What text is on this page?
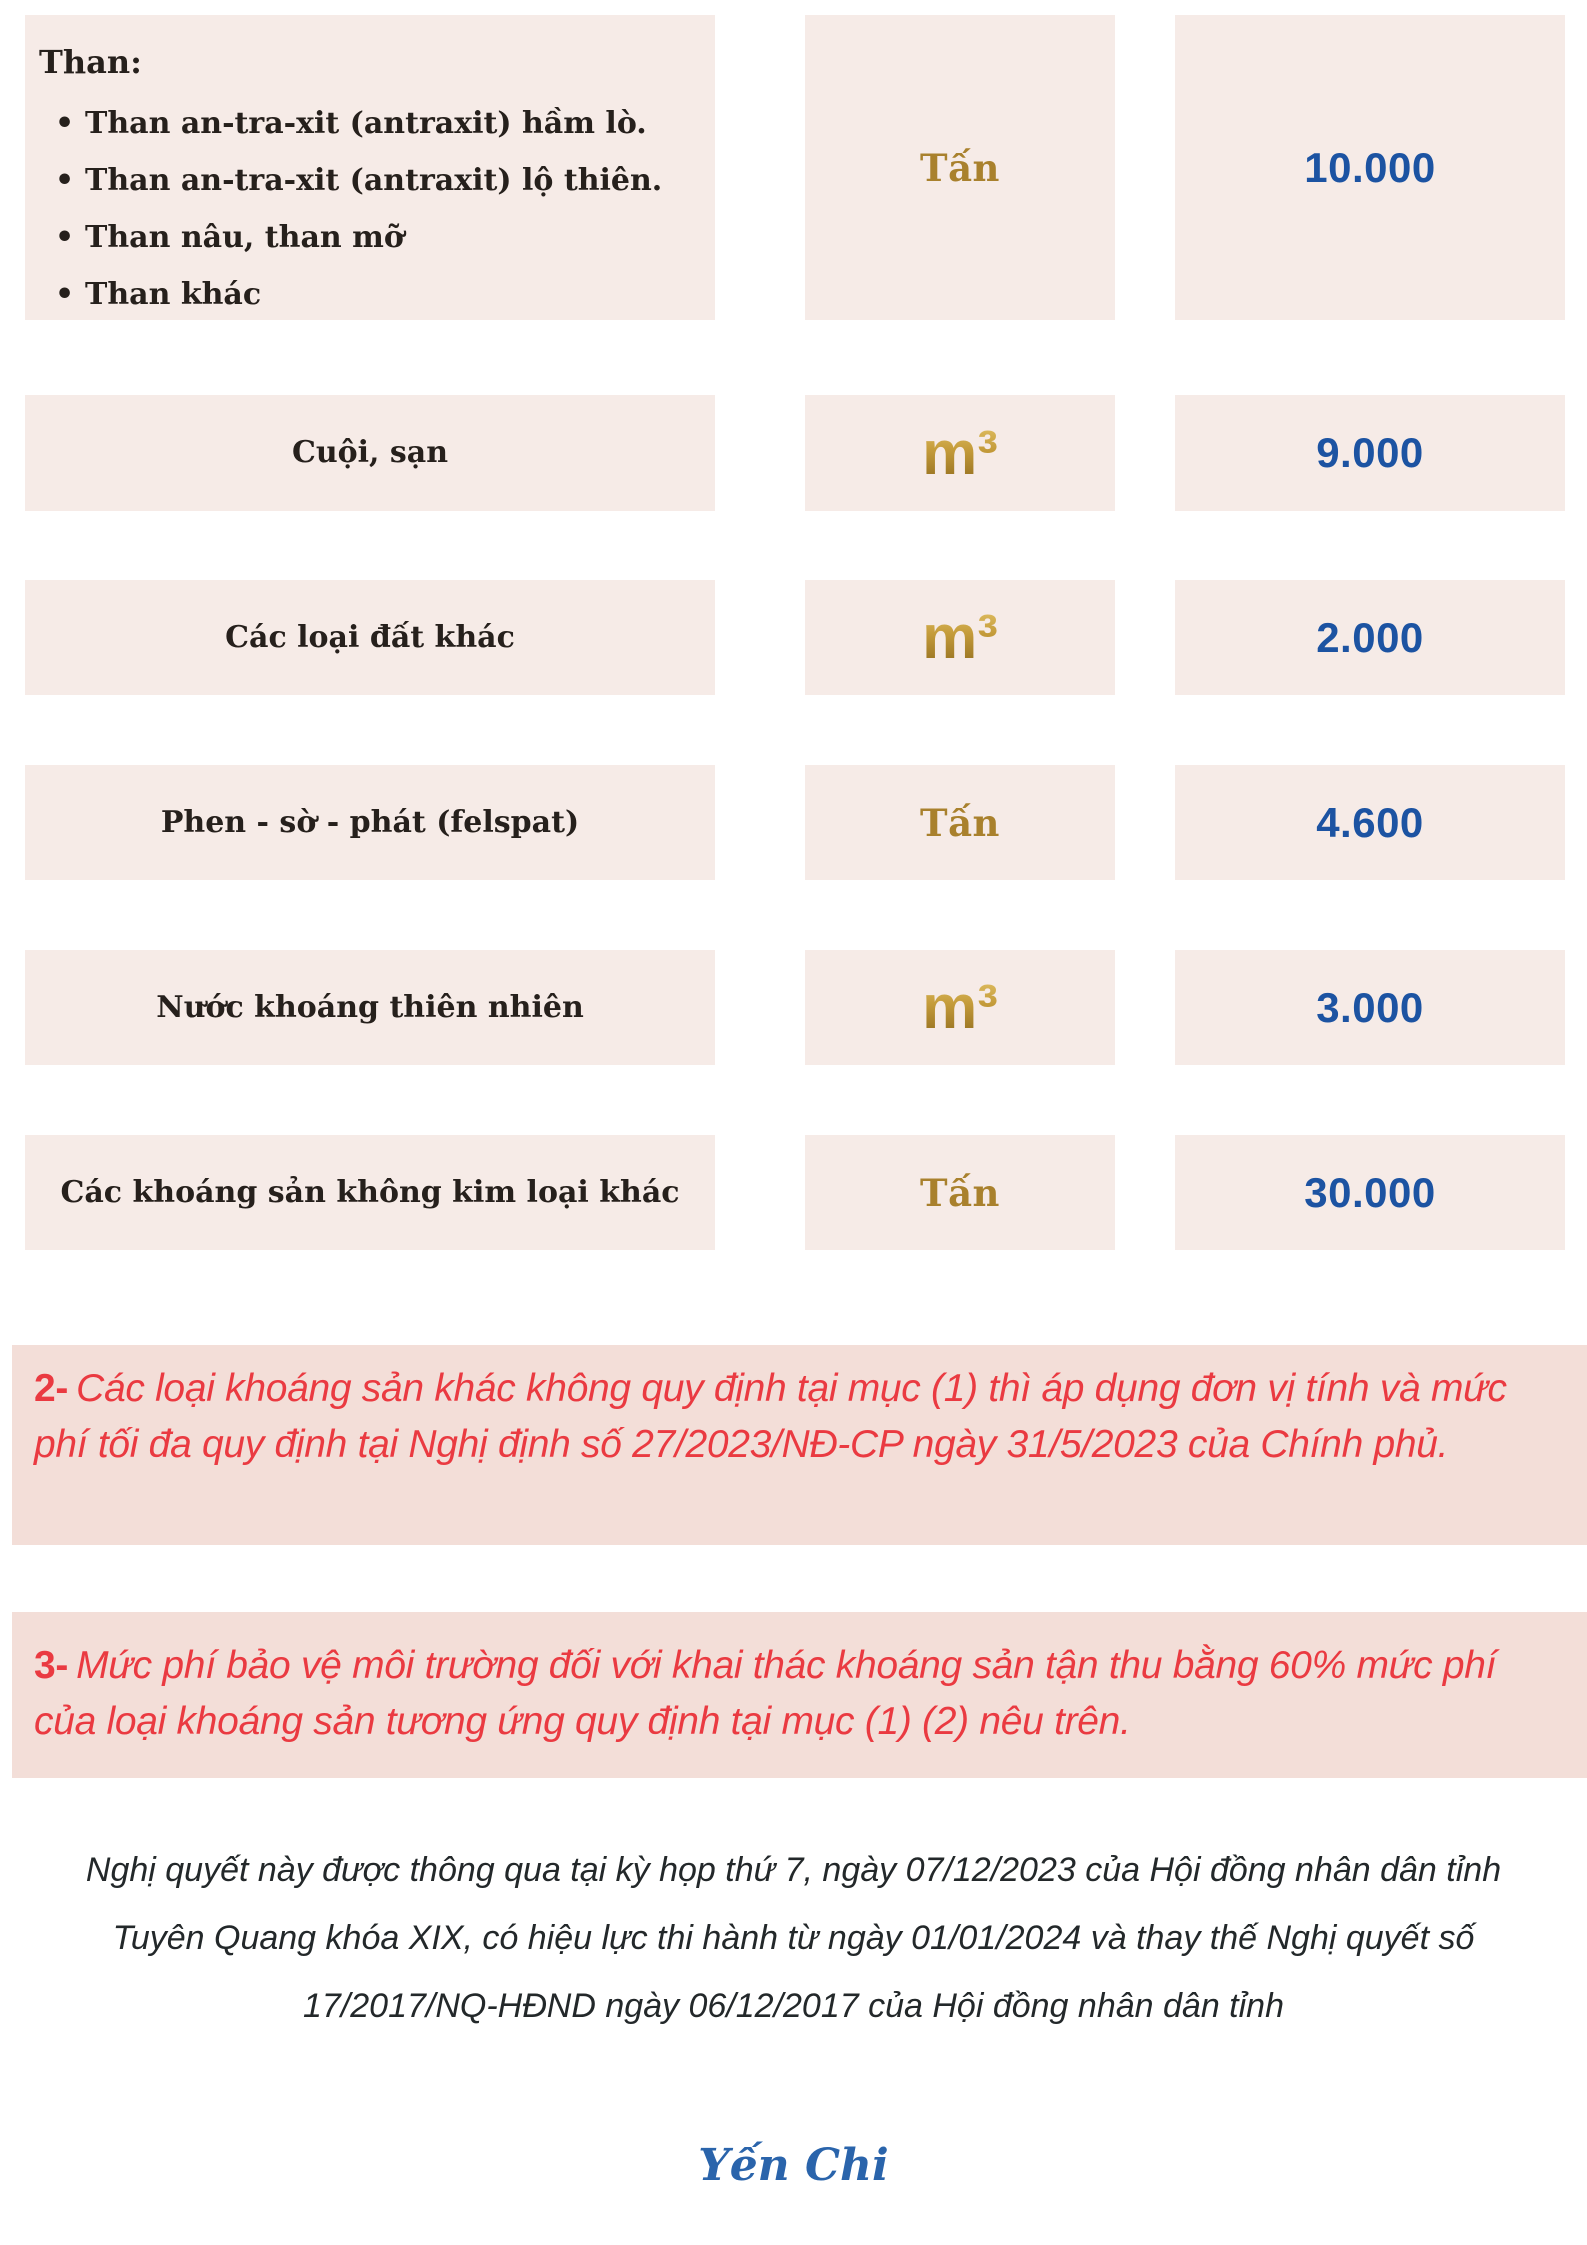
Than:
• Than an-tra-xit (antraxit) hầm lò.
• Than an-tra-xit (antraxit) lộ thiên.
• Than nâu, than mỡ
• Than khác
Tấn	10.000
Cuội, sạn	m³	9.000
Các loại đất khác	m³	2.000
Phen - sờ - phát (felspat)	Tấn	4.600
Nước khoáng thiên nhiên	m³	3.000
Các khoáng sản không kim loại khác	Tấn	30.000
2- Các loại khoáng sản khác không quy định tại mục (1) thì áp dụng đơn vị tính và mức phí tối đa quy định tại Nghị định số 27/2023/NĐ-CP ngày 31/5/2023 của Chính phủ.
3- Mức phí bảo vệ môi trường đối với khai thác khoáng sản tận thu bằng 60% mức phí của loại khoáng sản tương ứng quy định tại mục (1) (2) nêu trên.
Nghị quyết này được thông qua tại kỳ họp thứ 7, ngày 07/12/2023 của Hội đồng nhân dân tỉnh Tuyên Quang khóa XIX, có hiệu lực thi hành từ ngày 01/01/2024 và thay thế Nghị quyết số 17/2017/NQ-HĐND ngày 06/12/2017 của Hội đồng nhân dân tỉnh
Yến Chi
